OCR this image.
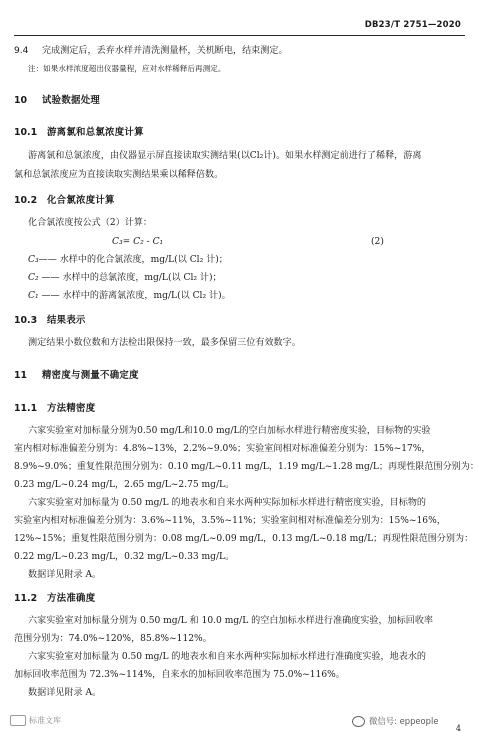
DB23/T 2751—2020
9.4 完成测定后，丢弃水样并清洗测量杯，关机断电，结束测定。
注：如果水样浓度超出仪器量程，应对水样稀释后再测定。
10 试验数据处理
10.1 游离氯和总氯浓度计算
游离氯和总氯浓度，由仪器显示屏直接读取实测结果(以Cl₂计)。如果水样测定前进行了稀释，游离
氯和总氯浓度应为直接读取实测结果乘以稀释倍数。
10.2 化合氯浓度计算
化合氯浓度按公式（2）计算：
C₃= C₂ - C₁	(2)
C₃—— 水样中的化合氯浓度，mg/L(以 Cl₂ 计)；
C₂ —— 水样中的总氯浓度，mg/L(以 Cl₂ 计)；
C₁ —— 水样中的游离氯浓度，mg/L(以 Cl₂ 计)。
10.3 结果表示
测定结果小数位数和方法检出限保持一致，最多保留三位有效数字。
11 精密度与测量不确定度
11.1 方法精密度
六家实验室对加标量分别为0.50 mg/L和10.0 mg/L的空白加标水样进行精密度实验，目标物的实验
室内相对标准偏差分别为：4.8%~13%，2.2%~9.0%；实验室间相对标准偏差分别为：15%~17%，
8.9%~9.0%；重复性限范围分别为：0.10 mg/L~0.11 mg/L，1.19 mg/L~1.28 mg/L；再现性限范围分别为：
0.23 mg/L~0.24 mg/L，2.65 mg/L~2.75 mg/L。
六家实验室对加标量为 0.50 mg/L 的地表水和自来水两种实际加标水样进行精密度实验，目标物的
实验室内相对标准偏差分别为：3.6%~11%，3.5%~11%；实验室间相对标准偏差分别为：15%~16%，
12%~15%；重复性限范围分别为：0.08 mg/L~0.09 mg/L，0.13 mg/L~0.18 mg/L；再现性限范围分别为：
0.22 mg/L~0.23 mg/L，0.32 mg/L~0.33 mg/L。
数据详见附录 A。
11.2 方法准确度
六家实验室对加标量分别为 0.50 mg/L 和 10.0 mg/L 的空白加标水样进行准确度实验，加标回收率
范围分别为：74.0%~120%，85.8%~112%。
六家实验室对加标量为 0.50 mg/L 的地表水和自来水两种实际加标水样进行准确度实验，地表水的
加标回收率范围为 72.3%~114%，自来水的加标回收率范围为 75.0%~116%。
数据详见附录 A。
标准文库	微信号: eppeople
4
